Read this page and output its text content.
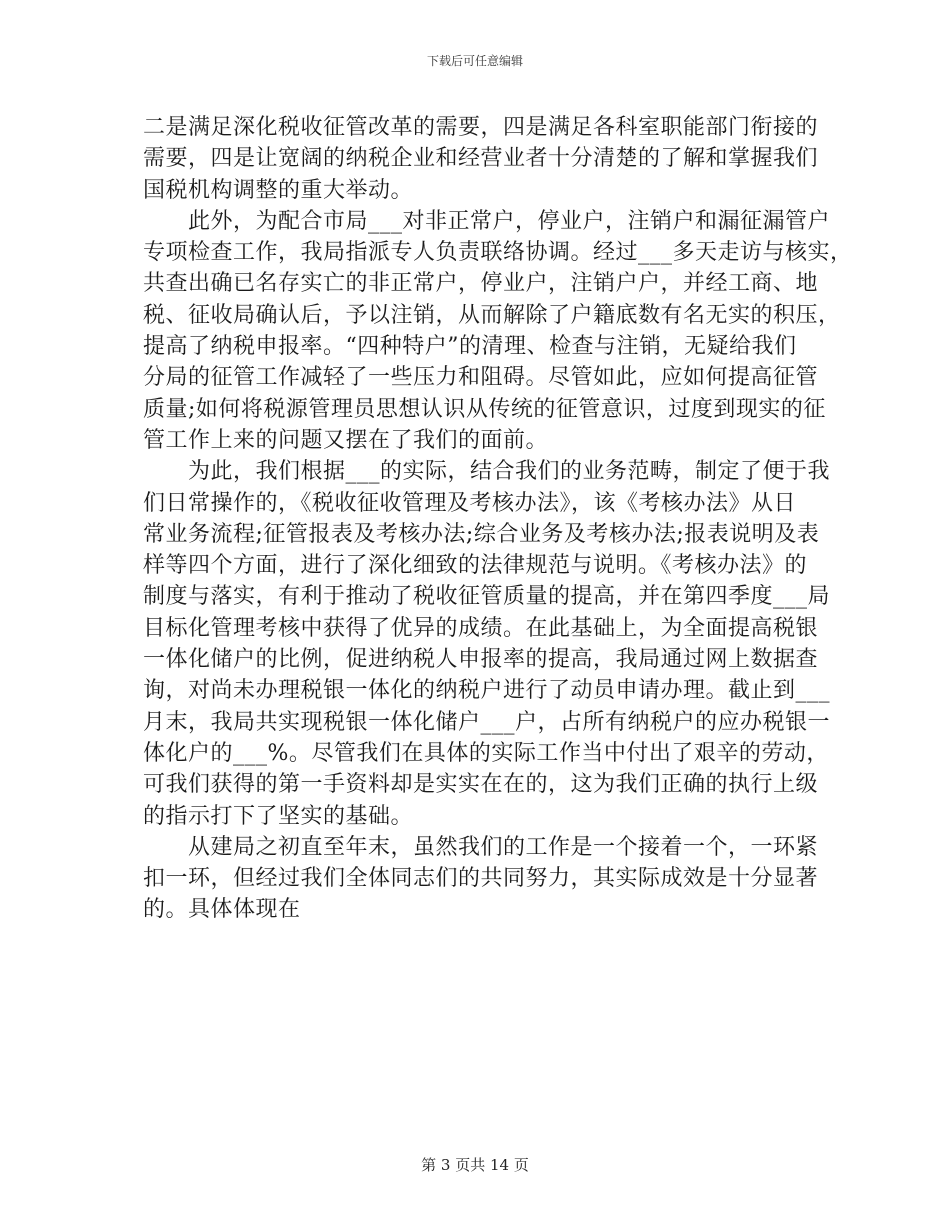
下载后可任意编辑
二是满足深化税收征管改革的需要，四是满足各科室职能部门衔接的
需要，四是让宽阔的纳税企业和经营业者十分清楚的了解和掌握我们
国税机构调整的重大举动。
　　此外，为配合市局___对非正常户，停业户，注销户和漏征漏管户
专项检查工作，我局指派专人负责联络协调。经过___多天走访与核实，
共查出确已名存实亡的非正常户，停业户，注销户户，并经工商、地
税、征收局确认后，予以注销，从而解除了户籍底数有名无实的积压，
提高了纳税申报率。“四种特户”的清理、检查与注销，无疑给我们
分局的征管工作减轻了一些压力和阻碍。尽管如此，应如何提高征管
质量;如何将税源管理员思想认识从传统的征管意识，过度到现实的征
管工作上来的问题又摆在了我们的面前。
　　为此，我们根据___的实际，结合我们的业务范畴，制定了便于我
们日常操作的，《税收征收管理及考核办法》，该《考核办法》从日
常业务流程;征管报表及考核办法;综合业务及考核办法;报表说明及表
样等四个方面，进行了深化细致的法律规范与说明。《考核办法》的
制度与落实，有利于推动了税收征管质量的提高，并在第四季度___局
目标化管理考核中获得了优异的成绩。在此基础上，为全面提高税银
一体化储户的比例，促进纳税人申报率的提高，我局通过网上数据查
询，对尚未办理税银一体化的纳税户进行了动员申请办理。截止到___
月末，我局共实现税银一体化储户___户，占所有纳税户的应办税银一
体化户的___%。尽管我们在具体的实际工作当中付出了艰辛的劳动，
可我们获得的第一手资料却是实实在在的，这为我们正确的执行上级
的指示打下了坚实的基础。
　　从建局之初直至年末，虽然我们的工作是一个接着一个，一环紧
扣一环，但经过我们全体同志们的共同努力，其实际成效是十分显著
的。具体体现在
第 3 页共 14 页
